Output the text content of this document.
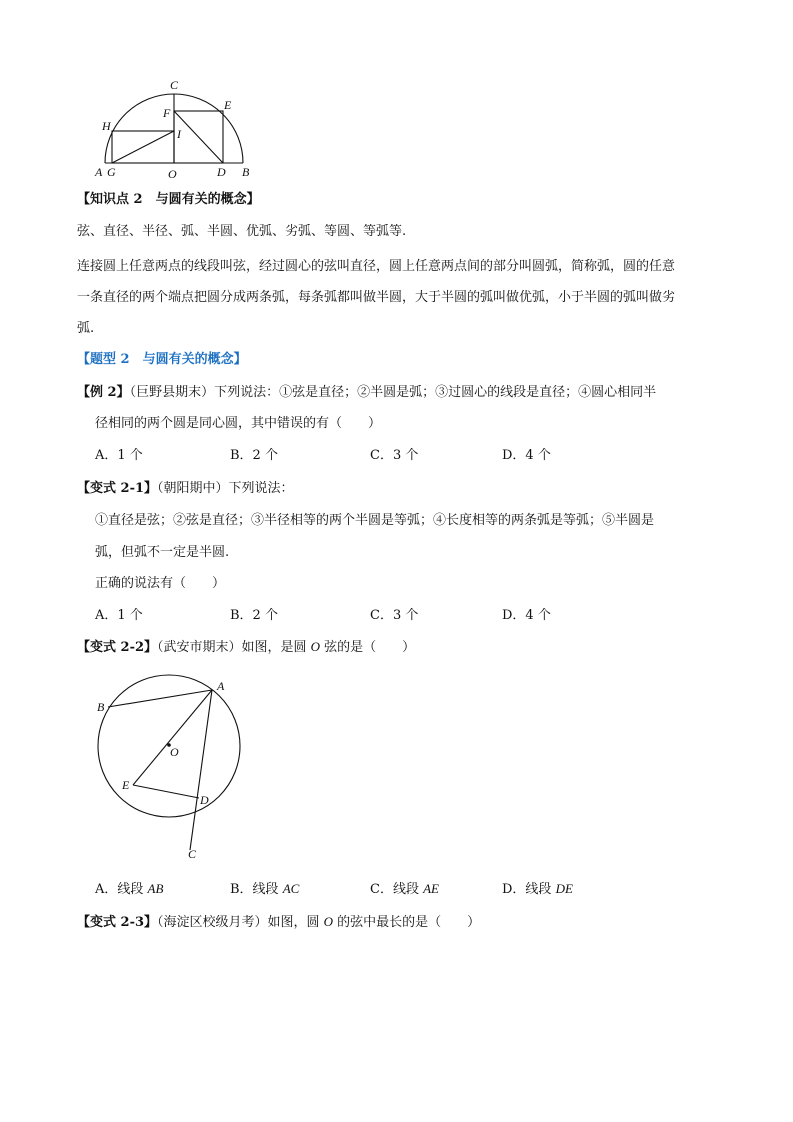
C
E
F
H
I
A G	O	D B
【知识点 2　与圆有关的概念】
弦、直径、半径、弧、半圆、优弧、劣弧、等圆、等弧等.
连接圆上任意两点的线段叫弦，经过圆心的弦叫直径，圆上任意两点间的部分叫圆弧，简称弧，圆的任意
一条直径的两个端点把圆分成两条弧，每条弧都叫做半圆，大于半圆的弧叫做优弧，小于半圆的弧叫做劣
弧.
【题型 2　与圆有关的概念】
【例 2】（巨野县期末）下列说法：①弦是直径；②半圆是弧；③过圆心的线段是直径；④圆心相同半
径相同的两个圆是同心圆，其中错误的有（　　）
A．1 个	B．2 个	C．3 个	D．4 个
【变式 2-1】（朝阳期中）下列说法：
①直径是弦；②弦是直径；③半径相等的两个半圆是等弧；④长度相等的两条弧是等弧；⑤半圆是
弧，但弧不一定是半圆.
正确的说法有（　　）
A．1 个	B．2 个	C．3 个	D．4 个
【变式 2-2】（武安市期末）如图，是圆 O 弦的是（　　）
A
B
O
E
D
C
A．线段 AB	B．线段 AC	C．线段 AE	D．线段 DE
【变式 2-3】（海淀区校级月考）如图，圆 O 的弦中最长的是（　　）
